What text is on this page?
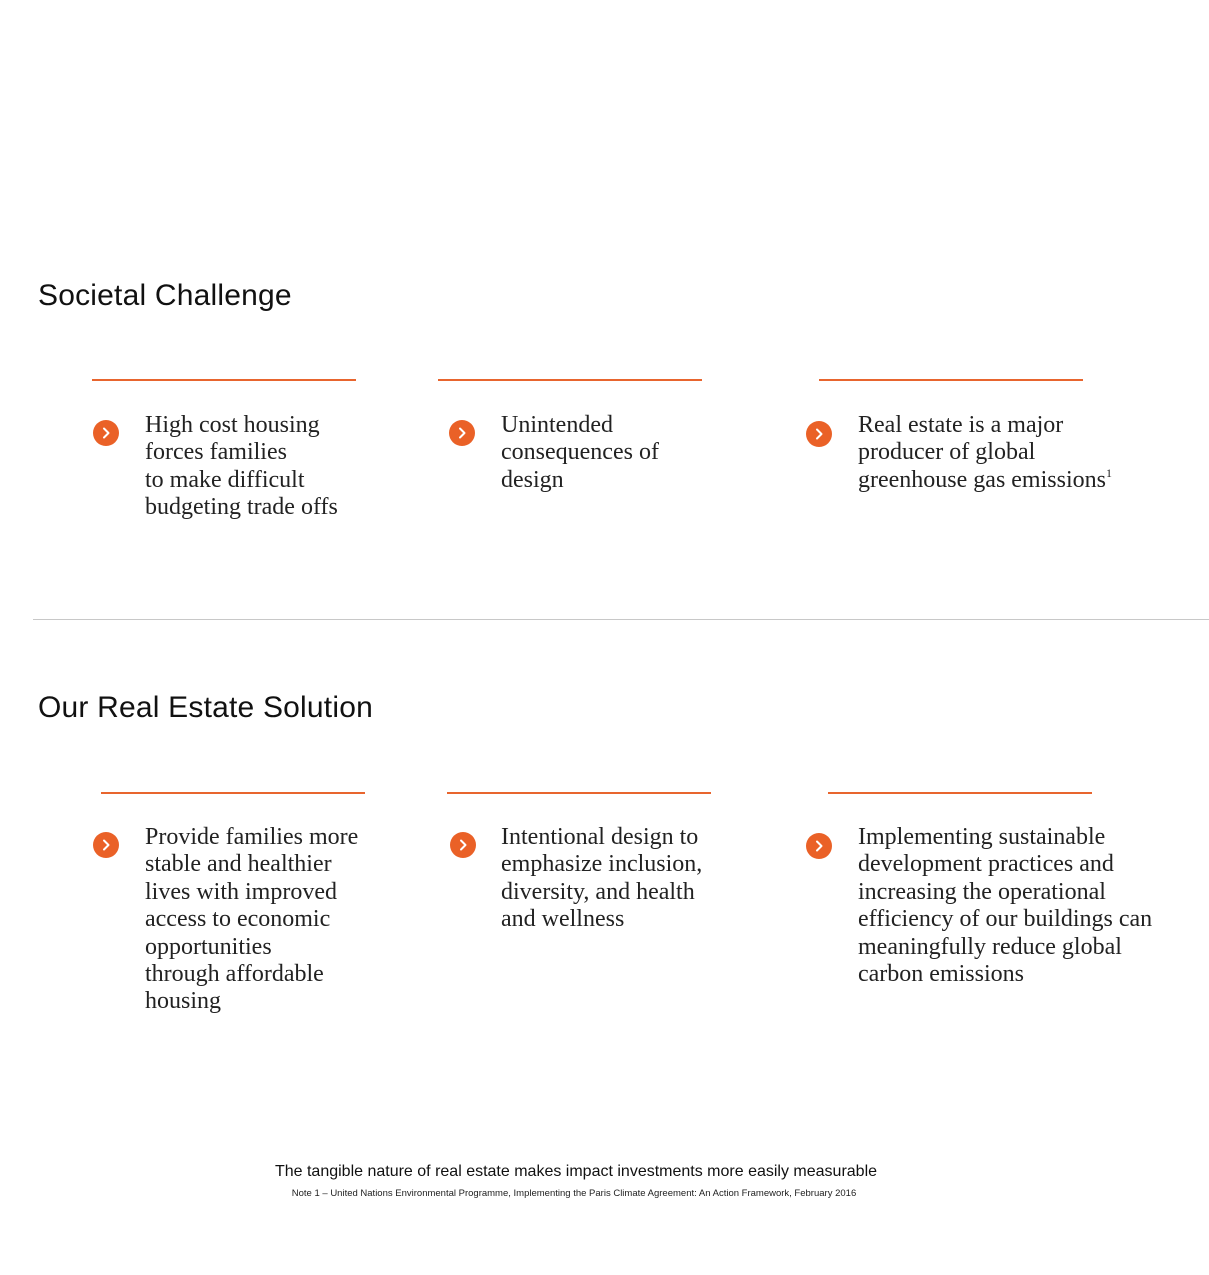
Societal Challenge

High cost housing
forces families
to make difficult
budgeting trade offs

Unintended
consequences of
design

Real estate is a major
producer of global
greenhouse gas emissions$^1$

Our Real Estate Solution

Provide families more
stable and healthier
lives with improved
access to economic
opportunities
through affordable
housing

Intentional design to
emphasize inclusion,
diversity, and health
and wellness

Implementing sustainable
development practices and
increasing the operational
efficiency of our buildings can
meaningfully reduce global
carbon emissions

The tangible nature of real estate makes impact investments more easily measurable

Note 1 – United Nations Environmental Programme, Implementing the Paris Climate Agreement: An Action Framework, February 2016
